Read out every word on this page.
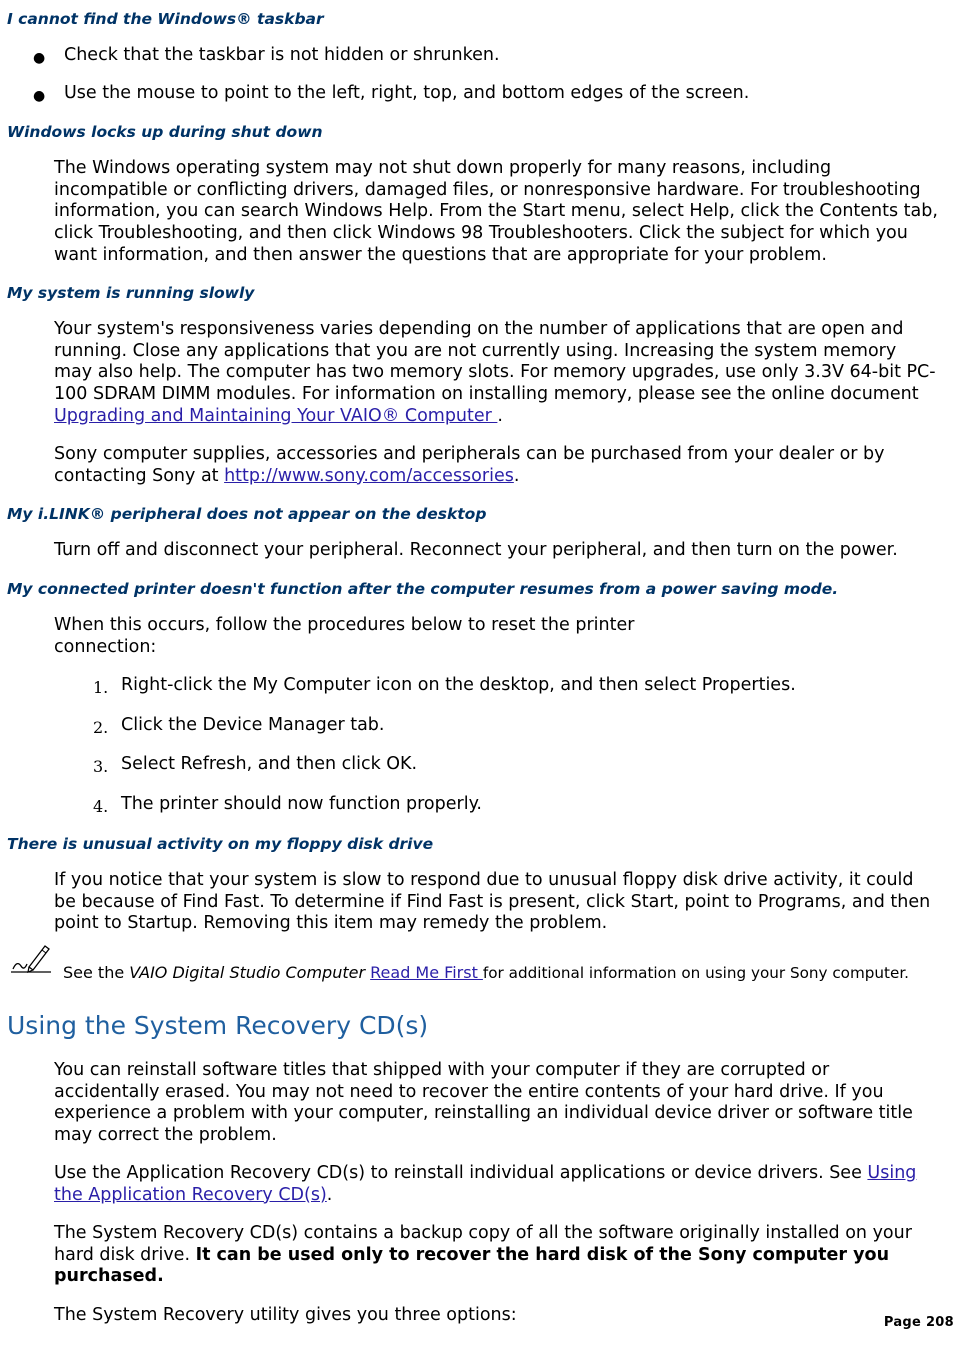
I cannot find the Windows® taskbar
● Check that the taskbar is not hidden or shrunken.
● Use the mouse to point to the left, right, top, and bottom edges of the screen.
Windows locks up during shut down

The Windows operating system may not shut down properly for many reasons, including incompatible or conflicting drivers, damaged files, or nonresponsive hardware. For troubleshooting information, you can search Windows Help. From the Start menu, select Help, click the Contents tab, click Troubleshooting, and then click Windows 98 Troubleshooters. Click the subject for which you want information, and then answer the questions that are appropriate for your problem.

My system is running slowly

Your system's responsiveness varies depending on the number of applications that are open and running. Close any applications that you are not currently using. Increasing the system memory may also help. The computer has two memory slots. For memory upgrades, use only 3.3V 64-bit PC-100 SDRAM DIMM modules. For information on installing memory, please see the online document Upgrading and Maintaining Your VAIO® Computer .

Sony computer supplies, accessories and peripherals can be purchased from your dealer or by contacting Sony at http://www.sony.com/accessories.

My i.LINK® peripheral does not appear on the desktop

Turn off and disconnect your peripheral. Reconnect your peripheral, and then turn on the power.

My connected printer doesn't function after the computer resumes from a power saving mode.

When this occurs, follow the procedures below to reset the printer
connection:

1. Right-click the My Computer icon on the desktop, and then select Properties.
2. Click the Device Manager tab.
3. Select Refresh, and then click OK.
4. The printer should now function properly.
There is unusual activity on my floppy disk drive

If you notice that your system is slow to respond due to unusual floppy disk drive activity, it could be because of Find Fast. To determine if Find Fast is present, click Start, point to Programs, and then point to Startup. Removing this item may remedy the problem.

See the VAIO Digital Studio Computer Read Me First for additional information on using your Sony computer.
Using the System Recovery CD(s)

You can reinstall software titles that shipped with your computer if they are corrupted or accidentally erased. You may not need to recover the entire contents of your hard drive. If you experience a problem with your computer, reinstalling an individual device driver or software title may correct the problem.

Use the Application Recovery CD(s) to reinstall individual applications or device drivers. See Using the Application Recovery CD(s).

The System Recovery CD(s) contains a backup copy of all the software originally installed on your hard disk drive. It can be used only to recover the hard disk of the Sony computer you purchased.

The System Recovery utility gives you three options:	Page 208
